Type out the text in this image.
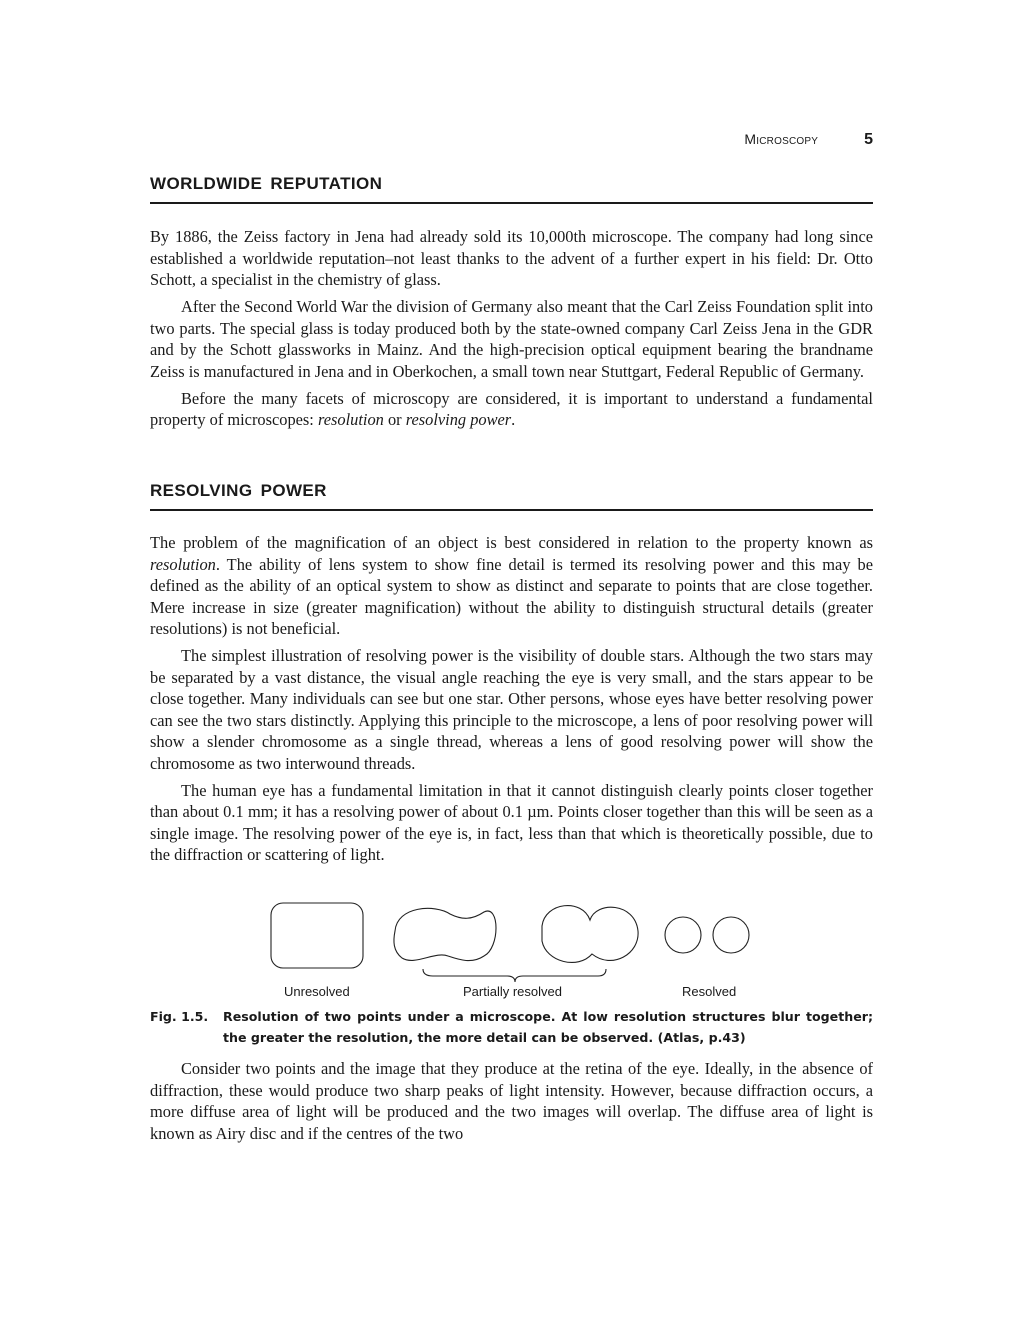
Microscopy	5
WORLDWIDE REPUTATION

By 1886, the Zeiss factory in Jena had already sold its 10,000th microscope. The company had long since established a worldwide reputation–not least thanks to the advent of a further expert in his field: Dr. Otto Schott, a specialist in the chemistry of glass.

After the Second World War the division of Germany also meant that the Carl Zeiss Foundation split into two parts. The special glass is today produced both by the state-owned company Carl Zeiss Jena in the GDR and by the Schott glassworks in Mainz. And the high-precision optical equipment bearing the brandname Zeiss is manufactured in Jena and in Oberkochen, a small town near Stuttgart, Federal Republic of Germany.

Before the many facets of microscopy are considered, it is important to understand a fundamental property of microscopes: resolution or resolving power.

RESOLVING POWER

The problem of the magnification of an object is best considered in relation to the property known as resolution. The ability of lens system to show fine detail is termed its resolving power and this may be defined as the ability of an optical system to show as distinct and separate to points that are close together. Mere increase in size (greater magnification) without the ability to distinguish structural details (greater resolutions) is not beneficial.

The simplest illustration of resolving power is the visibility of double stars. Although the two stars may be separated by a vast distance, the visual angle reaching the eye is very small, and the stars appear to be close together. Many individuals can see but one star. Other persons, whose eyes have better resolving power can see the two stars distinctly. Applying this principle to the microscope, a lens of poor resolving power will show a slender chromosome as a single thread, whereas a lens of good resolving power will show the chromosome as two interwound threads.

The human eye has a fundamental limitation in that it cannot distinguish clearly points closer together than about 0.1 mm; it has a resolving power of about 0.1 µm. Points closer together than this will be seen as a single image. The resolving power of the eye is, in fact, less than that which is theoretically possible, due to the diffraction or scattering of light.

Unresolved	Partially resolved	Resolved
Fig. 1.5.	Resolution of two points under a microscope. At low resolution structures blur together; the greater the resolution, the more detail can be observed. (Atlas, p.43)

Consider two points and the image that they produce at the retina of the eye. Ideally, in the absence of diffraction, these would produce two sharp peaks of light intensity. However, because diffraction occurs, a more diffuse area of light will be produced and the two images will overlap. The diffuse area of light is known as Airy disc and if the centres of the two
